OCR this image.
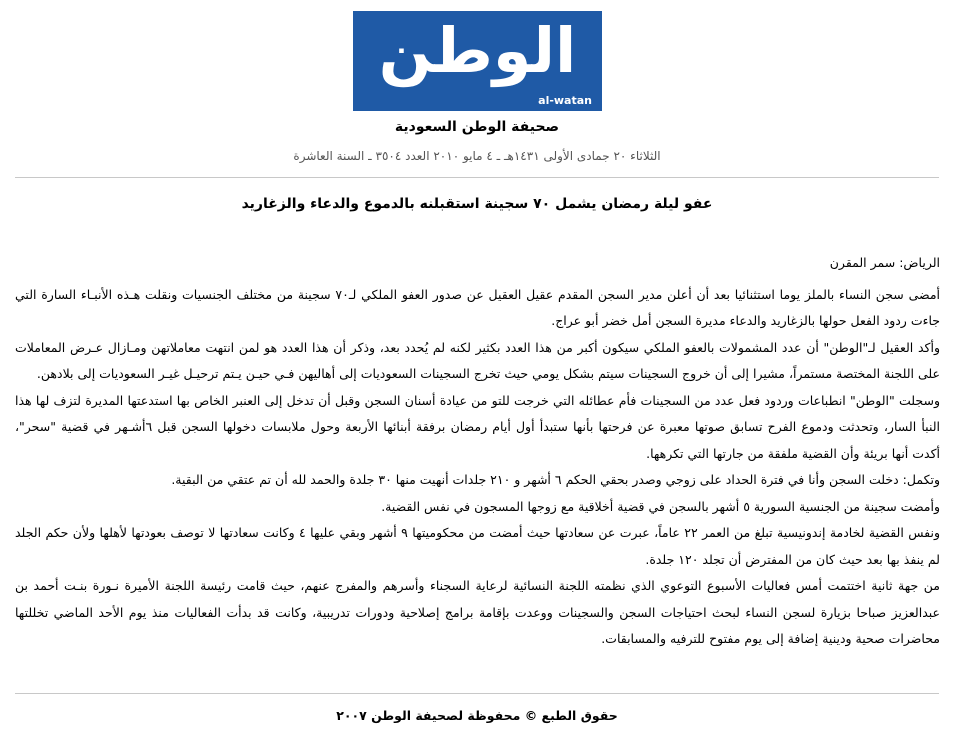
الوطن
al-watan
صحيفة الوطن السعودية
الثلاثاء ٢٠ جمادى الأولى ١٤٣١هـ ـ ٤ مايو ٢٠١٠ العدد ٣٥٠٤ ـ السنة العاشرة
عفو ليلة رمضان يشمل ٧٠ سجينة استقبلنه بالدموع والدعاء والزغاريد

الرياض: سمر المقرن

أمضى سجن النساء بالملز يوما استثنائيا بعد أن أعلن مدير السجن المقدم عقيل العقيل عن صدور العفو الملكي لـ٧٠ سجينة من مختلف الجنسيات ونقلت هـذه الأنبـاء السارة التي جاءت ردود الفعل حولها بالزغاريد والدعاء مديرة السجن أمل خضر أبو عراج.

وأكد العقيل لـ"الوطن" أن عدد المشمولات بالعفو الملكي سيكون أكبر من هذا العدد بكثير لكنه لم يُحدد بعد، وذكر أن هذا العدد هو لمن انتهت معاملاتهن ومـازال عـرض المعاملات على اللجنة المختصة مستمراً، مشيرا إلى أن خروج السجينات سيتم بشكل يومي حيث تخرج السجينات السعوديات إلى أهاليهن فـي حيـن يـتم ترحيـل غيـر السعوديات إلى بلادهن.

وسجلت "الوطن" انطباعات وردود فعل عدد من السجينات فأم عطائله التي خرجت للتو من عيادة أسنان السجن وقبل أن تدخل إلى العنبر الخاص بها استدعتها المديرة لتزف لها هذا النبأ السار، وتحدثت ودموع الفرح تسابق صوتها معبرة عن فرحتها بأنها ستبدأ أول أيام رمضان برفقة أبنائها الأربعة وحول ملابسات دخولها السجن قبل ٦أشـهر في قضية "سحر"، أكدت أنها بريئة وأن القضية ملفقة من جارتها التي تكرهها.

وتكمل: دخلت السجن وأنا في فترة الحداد على زوجي وصدر بحقي الحكم ٦ أشهر و ٢١٠ جلدات أنهيت منها ٣٠ جلدة والحمد لله أن تم عتقي من البقية.

وأمضت سجينة من الجنسية السورية ٥ أشهر بالسجن في قضية أخلاقية مع زوجها المسجون في نفس القضية.

ونفس القضية لخادمة إندونيسية تبلغ من العمر ٢٢ عاماً، عبرت عن سعادتها حيث أمضت من محكوميتها ٩ أشهر وبقي عليها ٤ وكانت سعادتها لا توصف بعودتها لأهلها ولأن حكم الجلد لم ينفذ بها بعد حيث كان من المفترض أن تجلد ١٢٠ جلدة.

من جهة ثانية اختتمت أمس فعاليات الأسبوع التوعوي الذي نظمته اللجنة النسائية لرعاية السجناء وأسرهم والمفرج عنهم، حيث قامت رئيسة اللجنة الأميرة نـورة بنـت أحمد بن عبدالعزيز صباحا بزيارة لسجن النساء لبحث احتياجات السجن والسجينات ووعدت بإقامة برامج إصلاحية ودورات تدريبية، وكانت قد بدأت الفعاليات منذ يوم الأحد الماضي تخللتها محاضرات صحية ودينية إضافة إلى يوم مفتوح للترفيه والمسابقات.

حقوق الطبع © محفوظة لصحيفة الوطن ٢٠٠٧
